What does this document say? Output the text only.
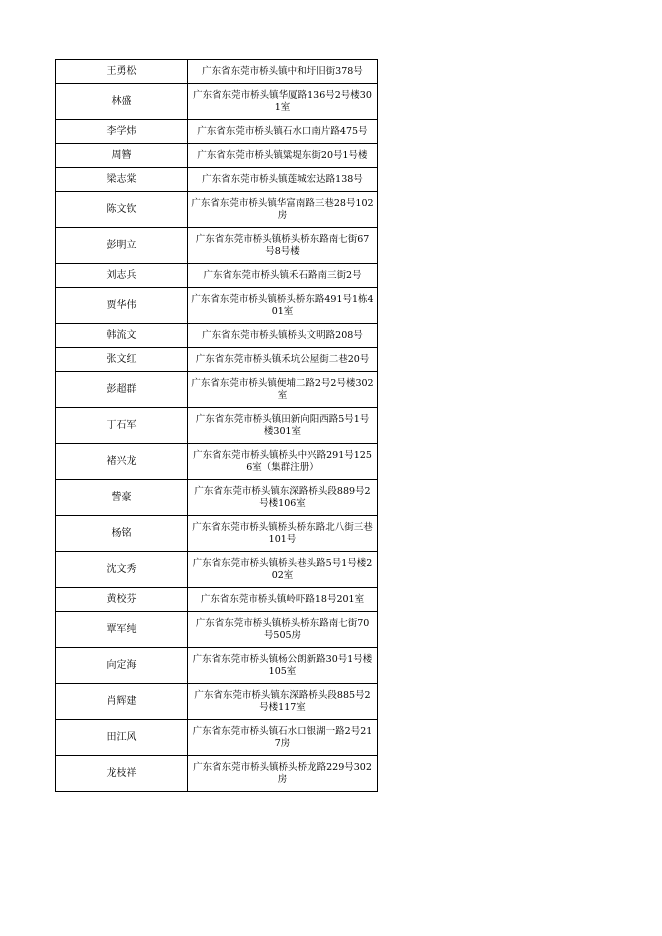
王勇松	广东省东莞市桥头镇中和圩旧街378号
林盛	广东省东莞市桥头镇华厦路136号2号楼301室
李学炜	广东省东莞市桥头镇石水口南片路475号
周簪	广东省东莞市桥头镇粱堤东街20号1号楼
梁志棠	广东省东莞市桥头镇莲城宏达路138号
陈文钦	广东省东莞市桥头镇华富南路三巷28号102房
彭明立	广东省东莞市桥头镇桥头桥东路南七街67号8号楼
刘志兵	广东省东莞市桥头镇禾石路南三街2号
贾华伟	广东省东莞市桥头镇桥头桥东路491号1栋401室
韩流文	广东省东莞市桥头镇桥头文明路208号
张文红	广东省东莞市桥头镇禾坑公屋街二巷20号
彭超群	广东省东莞市桥头镇便埔二路2号2号楼302室
丁石军	广东省东莞市桥头镇田新向阳西路5号1号楼301室
褚兴龙	广东省东莞市桥头镇桥头中兴路291号1256室（集群注册）
訾豪	广东省东莞市桥头镇东深路桥头段889号2号楼106室
杨铭	广东省东莞市桥头镇桥头桥东路北八街三巷101号
沈文秀	广东省东莞市桥头镇桥头巷头路5号1号楼202室
黄校芬	广东省东莞市桥头镇岭吓路18号201室
覃军纯	广东省东莞市桥头镇桥头桥东路南七街70号505房
向定海	广东省东莞市桥头镇杨公朗新路30号1号楼105室
肖辉建	广东省东莞市桥头镇东深路桥头段885号2号楼117室
田江风	广东省东莞市桥头镇石水口银湖一路2号217房
龙枝祥	广东省东莞市桥头镇桥头桥龙路229号302房
